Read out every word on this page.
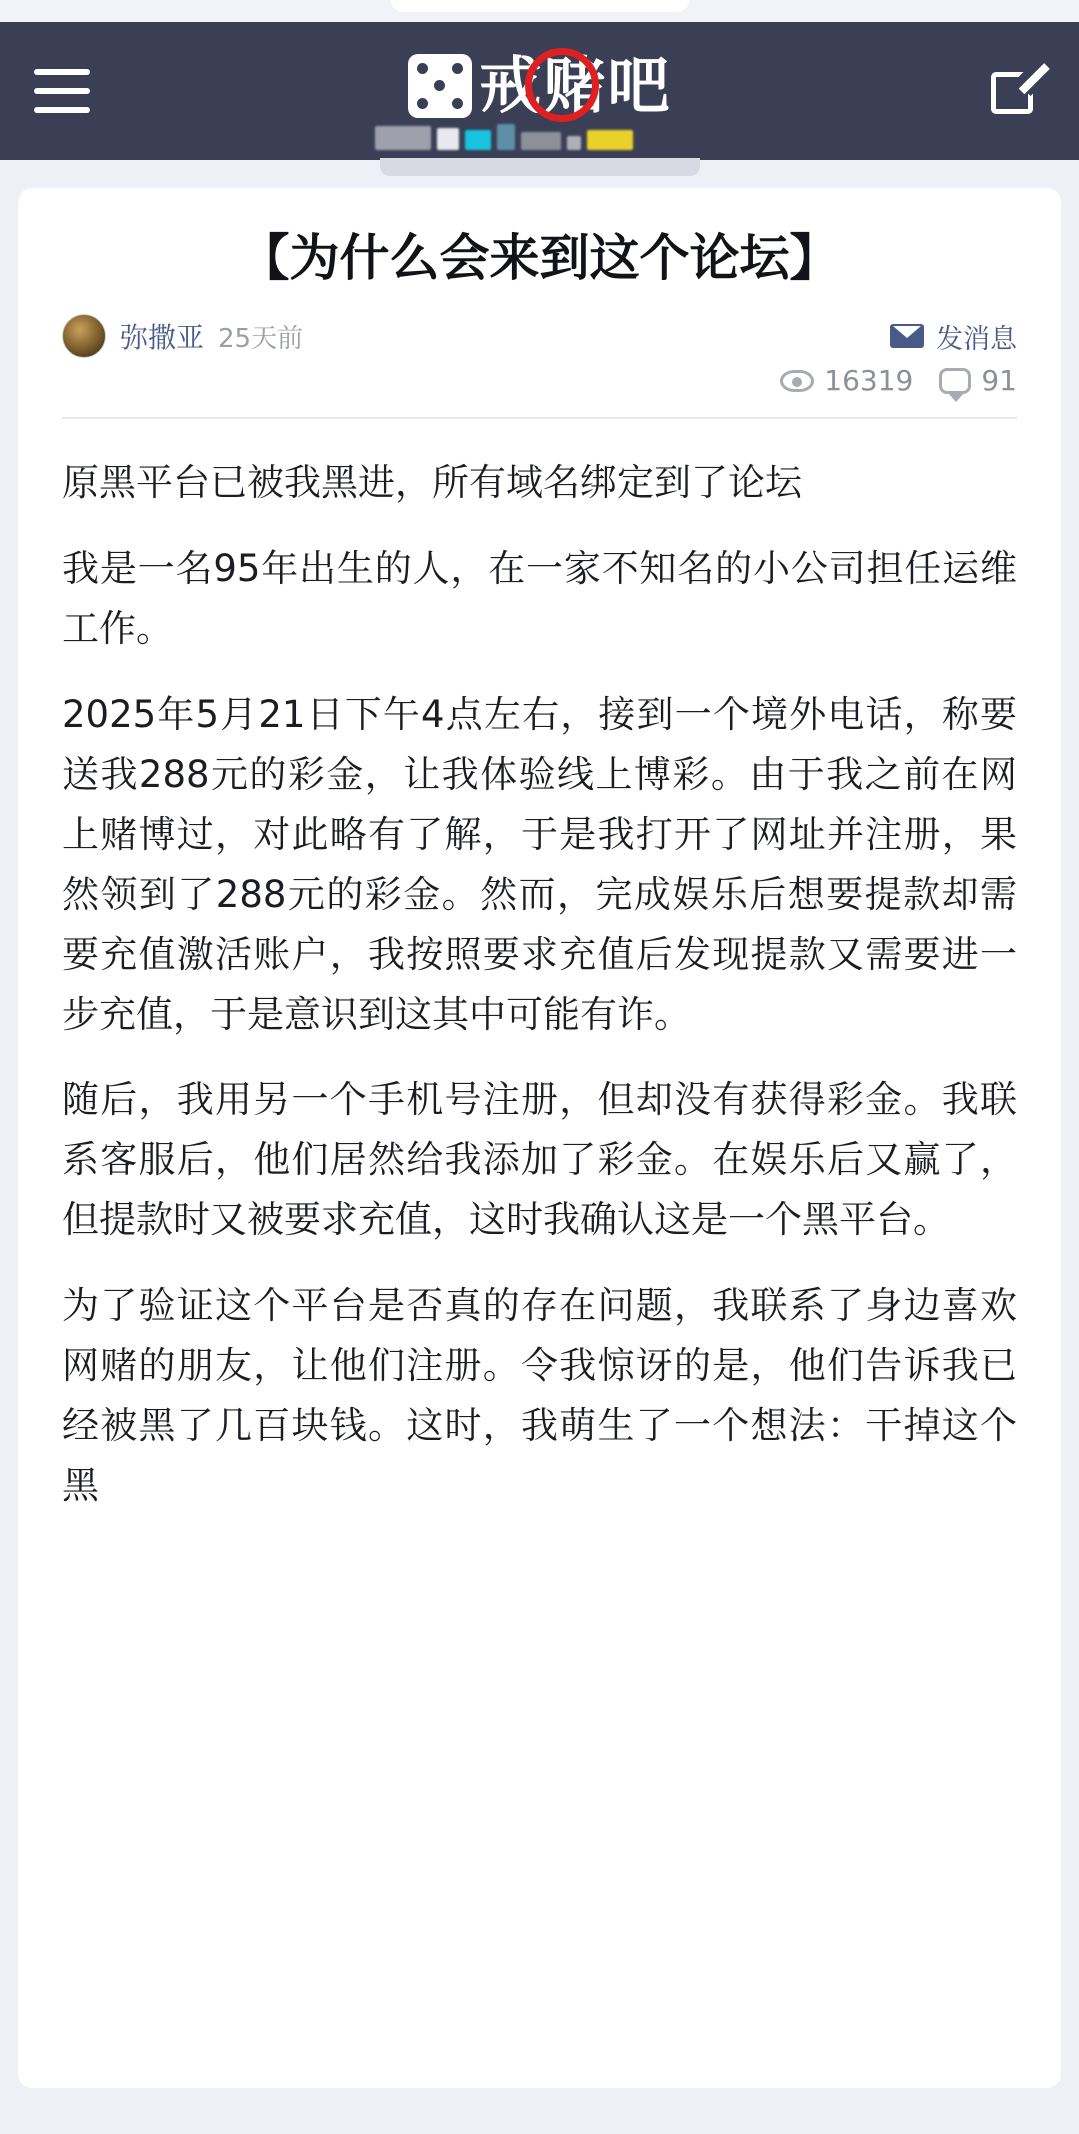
戒赌吧
【为什么会来到这个论坛】
弥撒亚 25天前	发消息
16319 91

原黑平台已被我黑进，所有域名绑定到了论坛

我是一名95年出生的人，在一家不知名的小公司担任运维工作。

2025年5月21日下午4点左右，接到一个境外电话，称要送我288元的彩金，让我体验线上博彩。由于我之前在网上赌博过，对此略有了解，于是我打开了网址并注册，果然领到了288元的彩金。然而，完成娱乐后想要提款却需要充值激活账户，我按照要求充值后发现提款又需要进一步充值，于是意识到这其中可能有诈。

随后，我用另一个手机号注册，但却没有获得彩金。我联系客服后，他们居然给我添加了彩金。在娱乐后又赢了，但提款时又被要求充值，这时我确认这是一个黑平台。

为了验证这个平台是否真的存在问题，我联系了身边喜欢网赌的朋友，让他们注册。令我惊讶的是，他们告诉我已经被黑了几百块钱。这时，我萌生了一个想法：干掉这个黑
